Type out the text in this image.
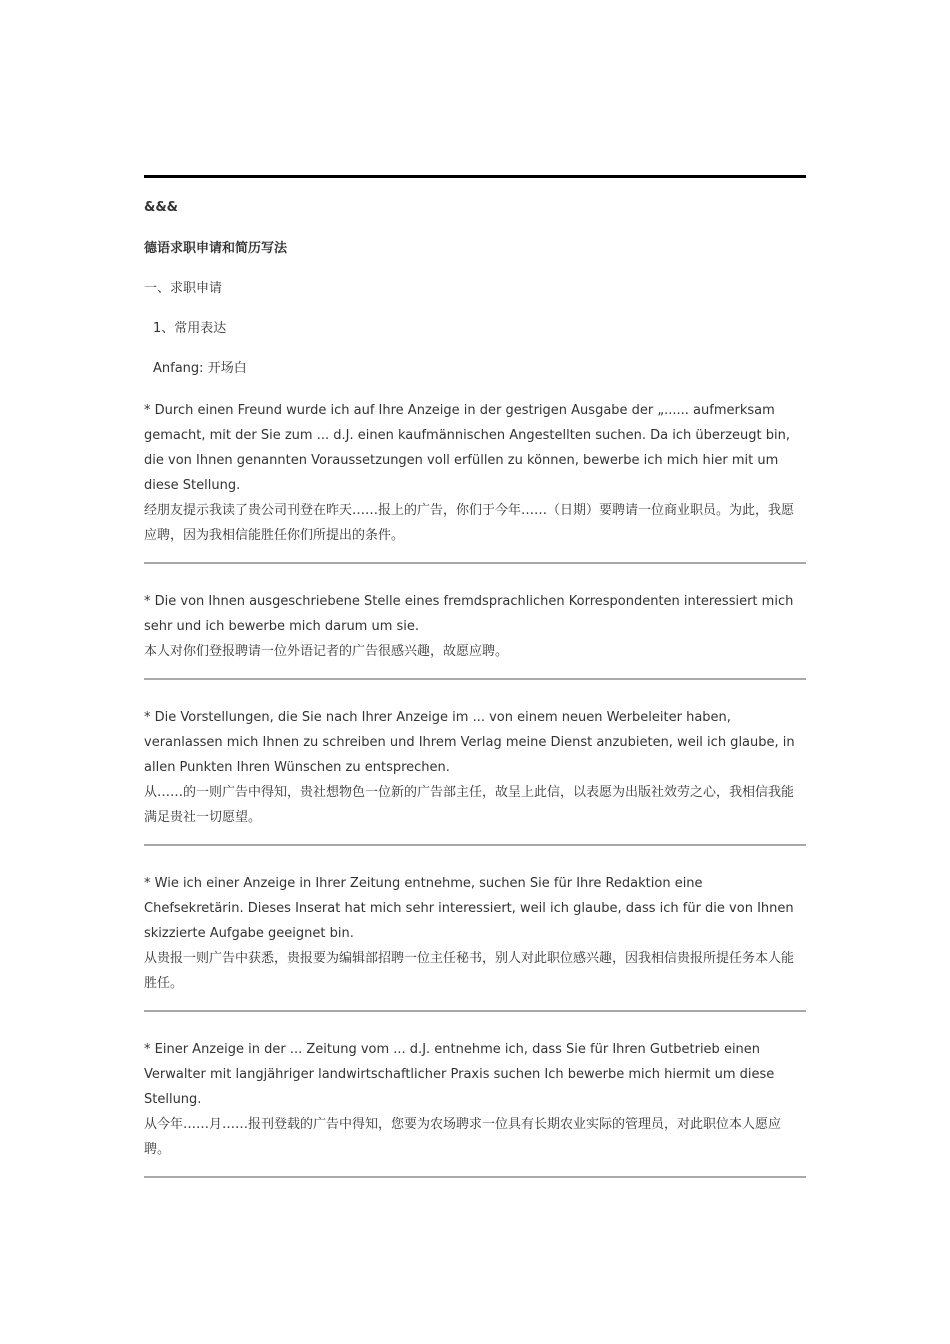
&&&
德语求职申请和简历写法
一、求职申请
1、常用表达
Anfang: 开场白
* Durch einen Freund wurde ich auf Ihre Anzeige in der gestrigen Ausgabe der „...... aufmerksam gemacht, mit der Sie zum ... d.J. einen kaufmännischen Angestellten suchen. Da ich überzeugt bin, die von Ihnen genannten Voraussetzungen voll erfüllen zu können, bewerbe ich mich hier mit um diese Stellung.
经朋友提示我读了贵公司刊登在昨天……报上的广告，你们于今年……（日期）要聘请一位商业职员。为此，我愿应聘，因为我相信能胜任你们所提出的条件。
* Die von Ihnen ausgeschriebene Stelle eines fremdsprachlichen Korrespondenten interessiert mich sehr und ich bewerbe mich darum um sie.
本人对你们登报聘请一位外语记者的广告很感兴趣，故愿应聘。
* Die Vorstellungen, die Sie nach Ihrer Anzeige im ... von einem neuen Werbeleiter haben, veranlassen mich Ihnen zu schreiben und Ihrem Verlag meine Dienst anzubieten, weil ich glaube, in allen Punkten Ihren Wünschen zu entsprechen.
从……的一则广告中得知，贵社想物色一位新的广告部主任，故呈上此信，以表愿为出版社效劳之心，我相信我能满足贵社一切愿望。
* Wie ich einer Anzeige in Ihrer Zeitung entnehme, suchen Sie für Ihre Redaktion eine Chefsekretärin. Dieses Inserat hat mich sehr interessiert, weil ich glaube, dass ich für die von Ihnen skizzierte Aufgabe geeignet bin.
从贵报一则广告中获悉，贵报要为编辑部招聘一位主任秘书，别人对此职位感兴趣，因我相信贵报所提任务本人能胜任。
* Einer Anzeige in der ... Zeitung vom ... d.J. entnehme ich, dass Sie für Ihren Gutbetrieb einen Verwalter mit langjähriger landwirtschaftlicher Praxis suchen Ich bewerbe mich hiermit um diese Stellung.
从今年……月……报刊登载的广告中得知，您要为农场聘求一位具有长期农业实际的管理员，对此职位本人愿应聘。
